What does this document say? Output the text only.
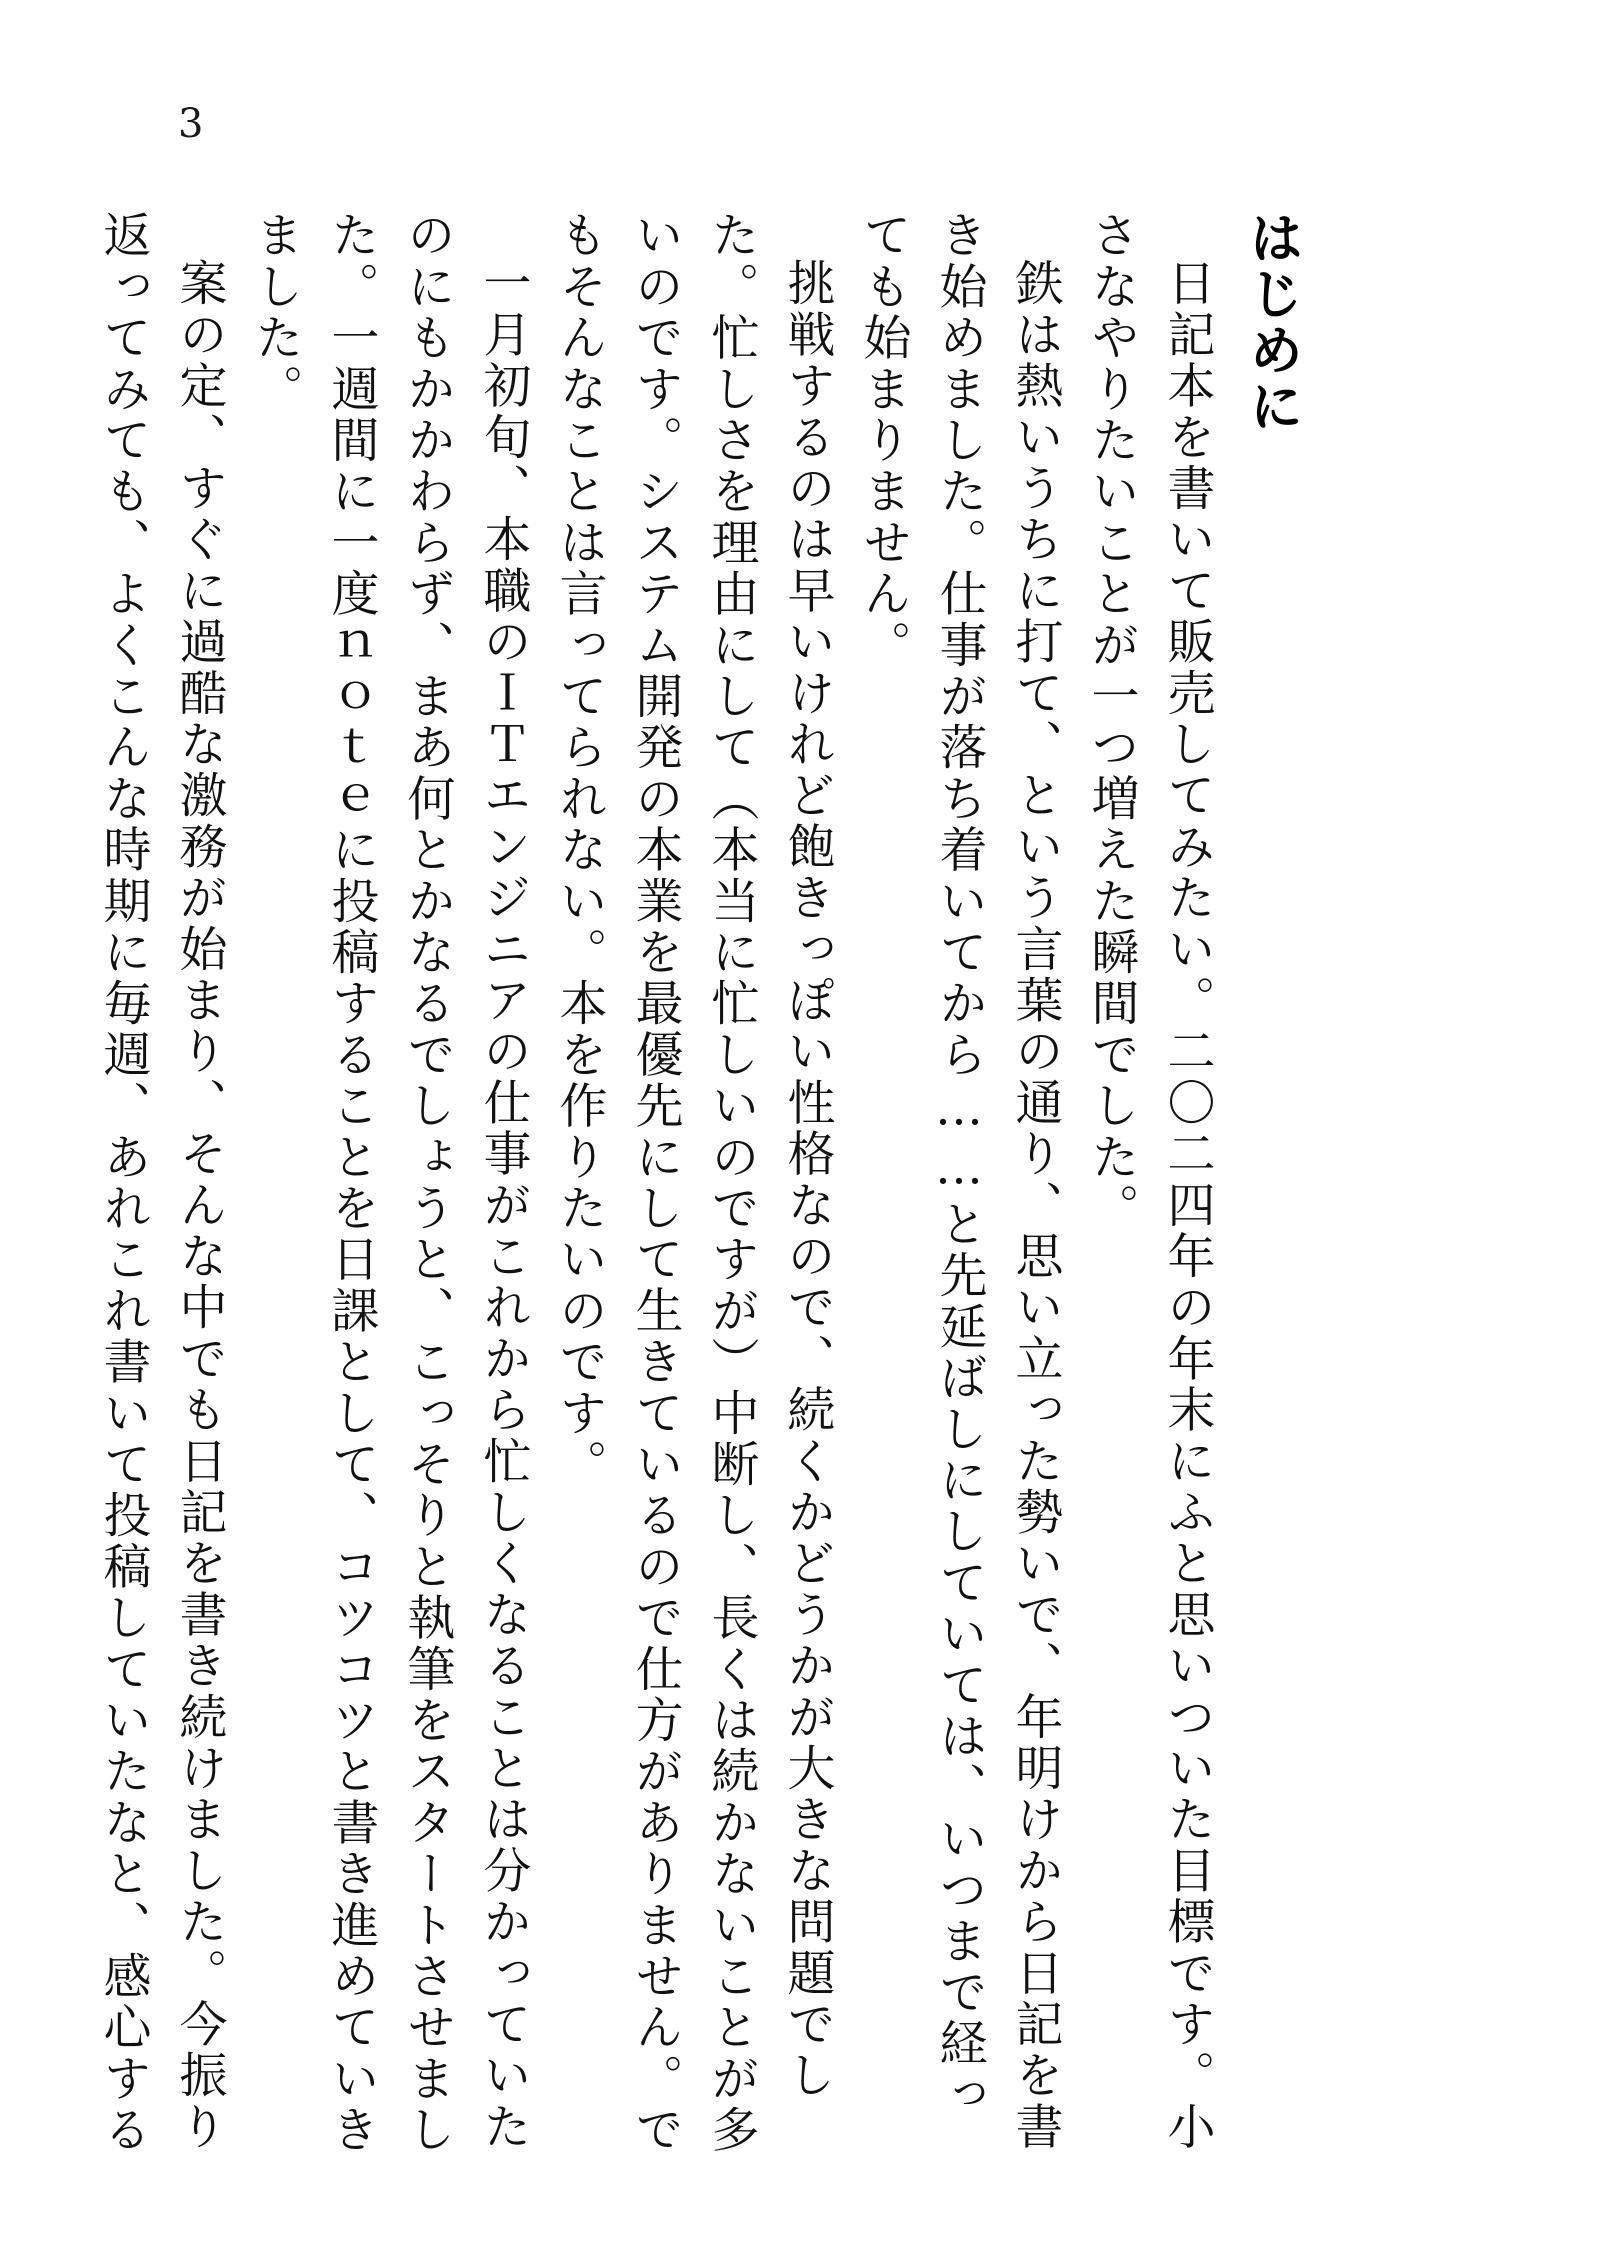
3
はじめに

日記本を書いて販売してみたい。二〇二四年の年末にふと思いついた目標です。小さなやりたいことが一つ増えた瞬間でした。

鉄は熱いうちに打て、という言葉の通り、思い立った勢いで、年明けから日記を書き始めました。仕事が落ち着いてから……と先延ばしにしていては、いつまで経っても始まりません。

挑戦するのは早いけれど飽きっぽい性格なので、続くかどうかが大きな問題でした。忙しさを理由にして（本当に忙しいのですが）中断し、長くは続かないことが多いのです。システム開発の本業を最優先にして生きているので仕方がありません。でもそんなことは言ってられない。本を作りたいのです。

一月初旬、本職のＩＴエンジニアの仕事がこれから忙しくなることは分かっていたのにもかかわらず、まあ何とかなるでしょうと、こっそりと執筆をスタートさせました。一週間に一度ｎｏｔｅに投稿することを日課として、コツコツと書き進めていきました。

案の定、すぐに過酷な激務が始まり、そんな中でも日記を書き続けました。今振り返ってみても、よくこんな時期に毎週、あれこれ書いて投稿していたなと、感心する
